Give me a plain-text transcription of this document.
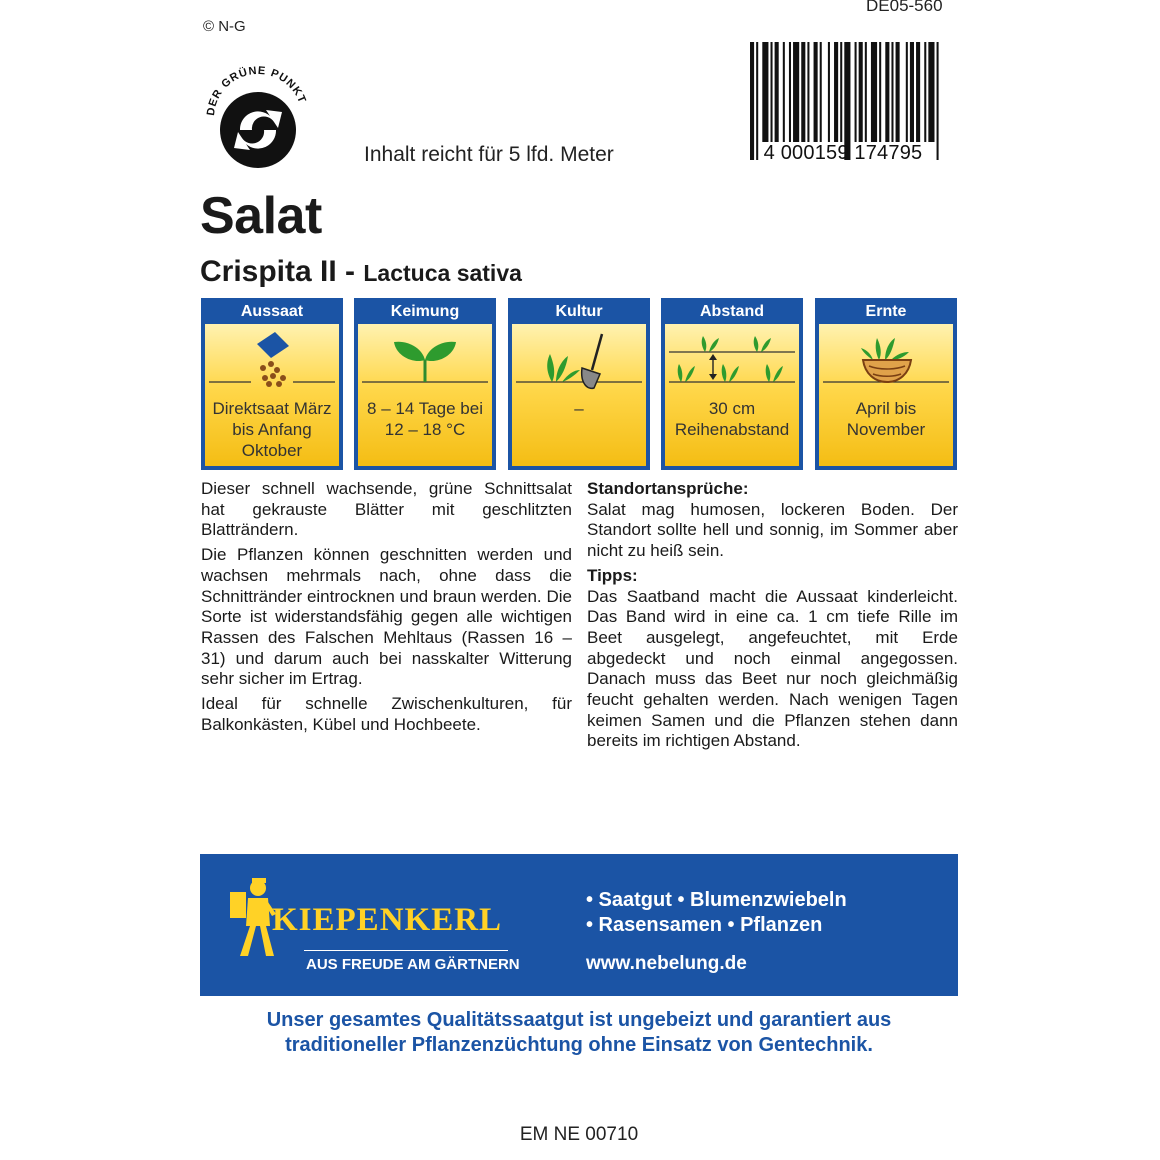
© N-G
DE05-560
DER GRÜNE PUNKT
4 000159 174795
Inhalt reicht für 5 lfd. Meter
Salat
Crispita II - Lactuca sativa
Aussaat
Direktsaat März bis Anfang Oktober
Keimung
8 – 14 Tage bei 12 – 18 °C
Kultur
–
Abstand
30 cm Reihenabstand
Ernte
April bis November

Dieser schnell wachsende, grüne Schnittsalat hat gekrauste Blätter mit geschlitzten Blatträndern.

Die Pflanzen können geschnitten werden und wachsen mehrmals nach, ohne dass die Schnittränder eintrocknen und braun werden. Die Sorte ist widerstandsfähig gegen alle wichtigen Rassen des Falschen Mehltaus (Rassen 16 – 31) und darum auch bei nasskalter Witterung sehr sicher im Ertrag.

Ideal für schnelle Zwischenkulturen, für Balkonkästen, Kübel und Hochbeete.

Standortansprüche:

Salat mag humosen, lockeren Boden. Der Standort sollte hell und sonnig, im Sommer aber nicht zu heiß sein.

Tipps:

Das Saatband macht die Aussaat kinderleicht. Das Band wird in eine ca. 1 cm tiefe Rille im Beet ausgelegt, angefeuchtet, mit Erde abgedeckt und noch einmal angegossen. Danach muss das Beet nur noch gleichmäßig feucht gehalten werden. Nach wenigen Tagen keimen Samen und die Pflanzen stehen dann bereits im richtigen Abstand.

KIEPENKERL
AUS FREUDE AM GÄRTNERN
• Saatgut • Blumenzwiebeln
• Rasensamen • Pflanzen
www.nebelung.de
Unser gesamtes Qualitätssaatgut ist ungebeizt und garantiert aus
traditioneller Pflanzenzüchtung ohne Einsatz von Gentechnik.
EM NE 00710
